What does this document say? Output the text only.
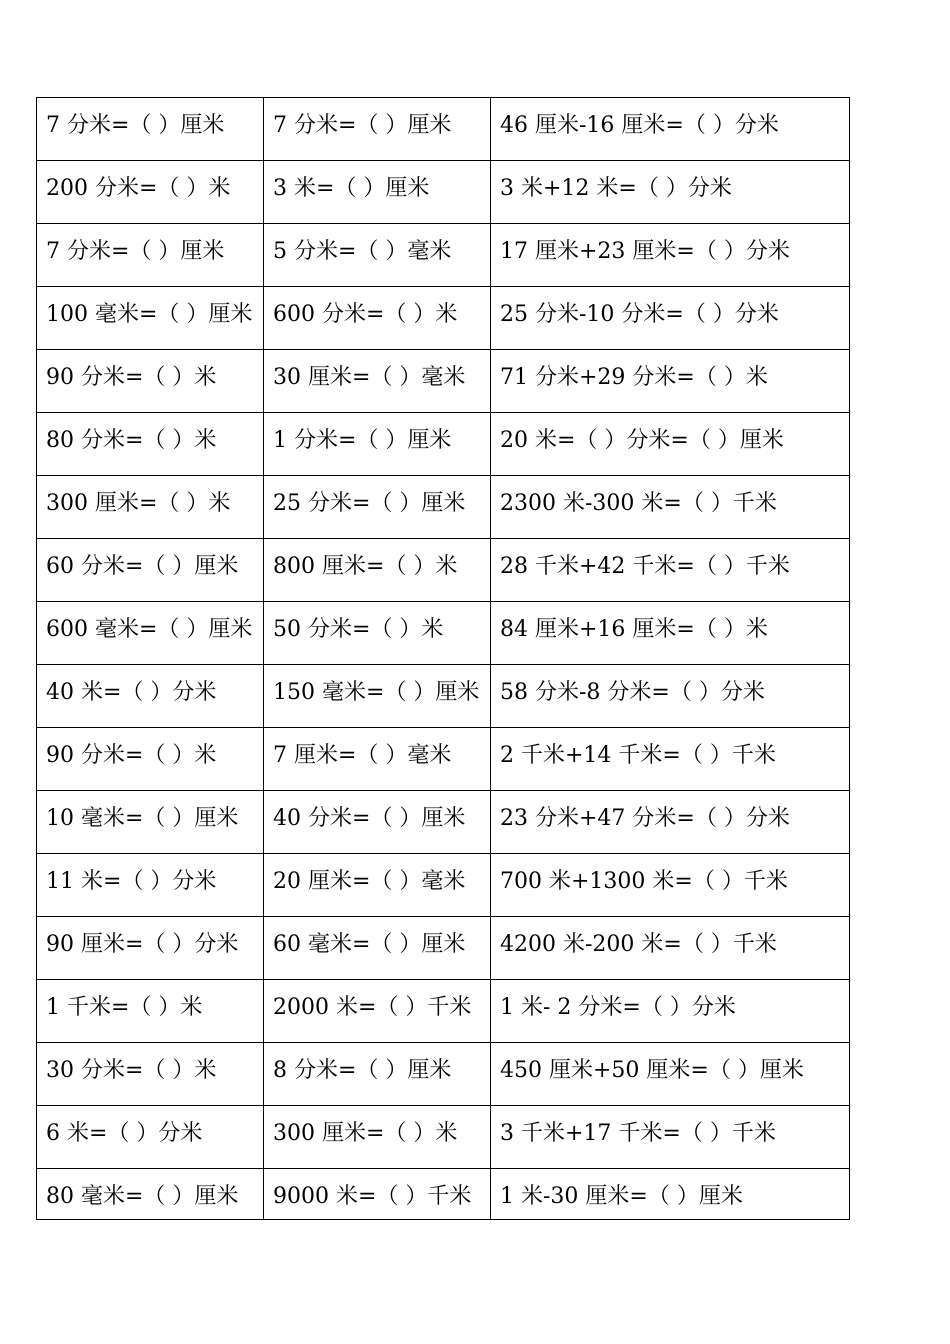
7 分米=（ ）厘米	7 分米=（ ）厘米	46 厘米-16 厘米=（ ）分米
200 分米=（ ）米	3 米=（ ）厘米	3 米+12 米=（ ）分米
7 分米=（ ）厘米	5 分米=（ ）毫米	17 厘米+23 厘米=（ ）分米
100 毫米=（ ）厘米	600 分米=（ ）米	25 分米-10 分米=（ ）分米
90 分米=（ ）米	30 厘米=（ ）毫米	71 分米+29 分米=（ ）米
80 分米=（ ）米	1 分米=（ ）厘米	20 米=（ ）分米=（ ）厘米
300 厘米=（ ）米	25 分米=（ ）厘米	2300 米-300 米=（ ）千米
60 分米=（ ）厘米	800 厘米=（ ）米	28 千米+42 千米=（ ）千米
600 毫米=（ ）厘米	50 分米=（ ）米	84 厘米+16 厘米=（ ）米
40 米=（ ）分米	150 毫米=（ ）厘米	58 分米-8 分米=（ ）分米
90 分米=（ ）米	7 厘米=（ ）毫米	2 千米+14 千米=（ ）千米
10 毫米=（ ）厘米	40 分米=（ ）厘米	23 分米+47 分米=（ ）分米
11 米=（ ）分米	20 厘米=（ ）毫米	700 米+1300 米=（ ）千米
90 厘米=（ ）分米	60 毫米=（ ）厘米	4200 米-200 米=（ ）千米
1 千米=（ ）米	2000 米=（ ）千米	1 米- 2 分米=（ ）分米
30 分米=（ ）米	8 分米=（ ）厘米	450 厘米+50 厘米=（ ）厘米
6 米=（ ）分米	300 厘米=（ ）米	3 千米+17 千米=（ ）千米
80 毫米=（ ）厘米	9000 米=（ ）千米	1 米-30 厘米=（ ）厘米
